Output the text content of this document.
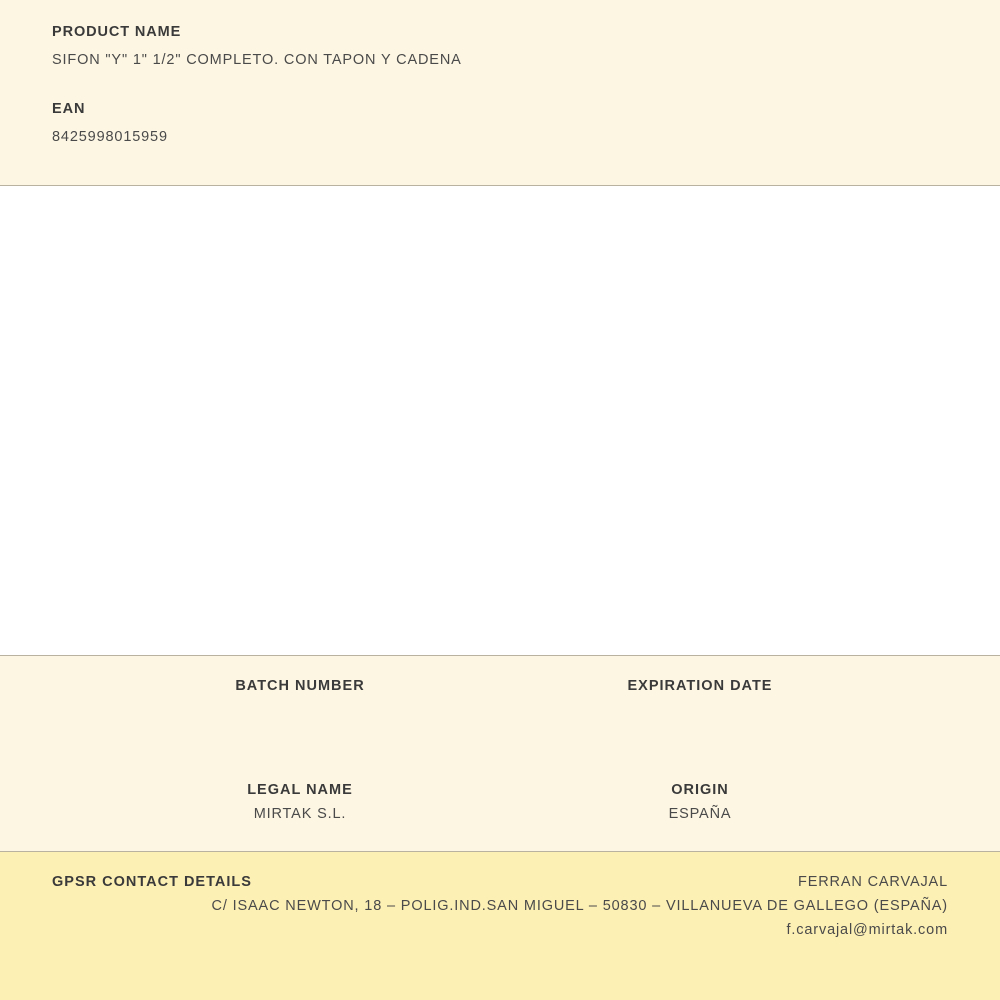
PRODUCT NAME

SIFON "Y" 1" 1/2" COMPLETO. CON TAPON Y CADENA

EAN

8425998015959

BATCH NUMBER	EXPIRATION DATE

LEGAL NAME

MIRTAK S.L.

ORIGIN

ESPAÑA

GPSR CONTACT DETAILS	FERRAN CARVAJAL
C/ ISAAC NEWTON, 18 – POLIG.IND.SAN MIGUEL – 50830 – VILLANUEVA DE GALLEGO (ESPAÑA)
f.carvajal@mirtak.com
